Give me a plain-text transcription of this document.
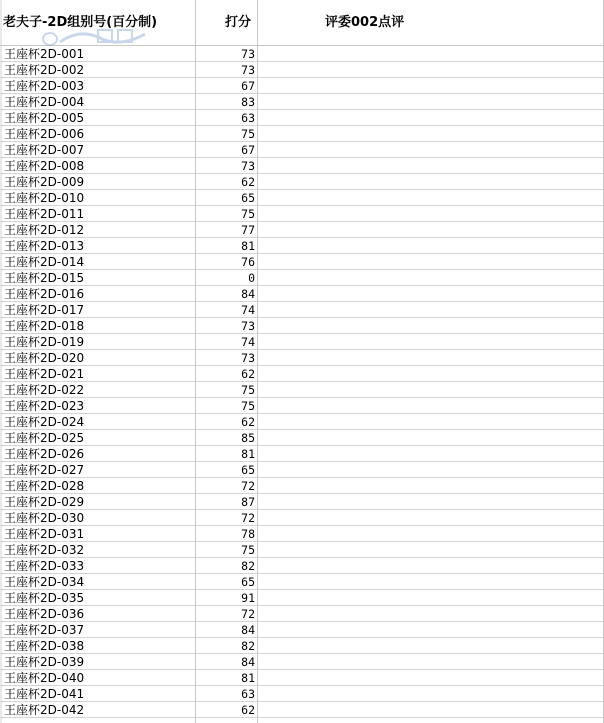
老夫子-2D组别号(百分制)	打分	评委002点评
王座杯2D-001	73
王座杯2D-002	73
王座杯2D-003	67
王座杯2D-004	83
王座杯2D-005	63
王座杯2D-006	75
王座杯2D-007	67
王座杯2D-008	73
王座杯2D-009	62
王座杯2D-010	65
王座杯2D-011	75
王座杯2D-012	77
王座杯2D-013	81
王座杯2D-014	76
王座杯2D-015	0
王座杯2D-016	84
王座杯2D-017	74
王座杯2D-018	73
王座杯2D-019	74
王座杯2D-020	73
王座杯2D-021	62
王座杯2D-022	75
王座杯2D-023	75
王座杯2D-024	62
王座杯2D-025	85
王座杯2D-026	81
王座杯2D-027	65
王座杯2D-028	72
王座杯2D-029	87
王座杯2D-030	72
王座杯2D-031	78
王座杯2D-032	75
王座杯2D-033	82
王座杯2D-034	65
王座杯2D-035	91
王座杯2D-036	72
王座杯2D-037	84
王座杯2D-038	82
王座杯2D-039	84
王座杯2D-040	81
王座杯2D-041	63
王座杯2D-042	62
